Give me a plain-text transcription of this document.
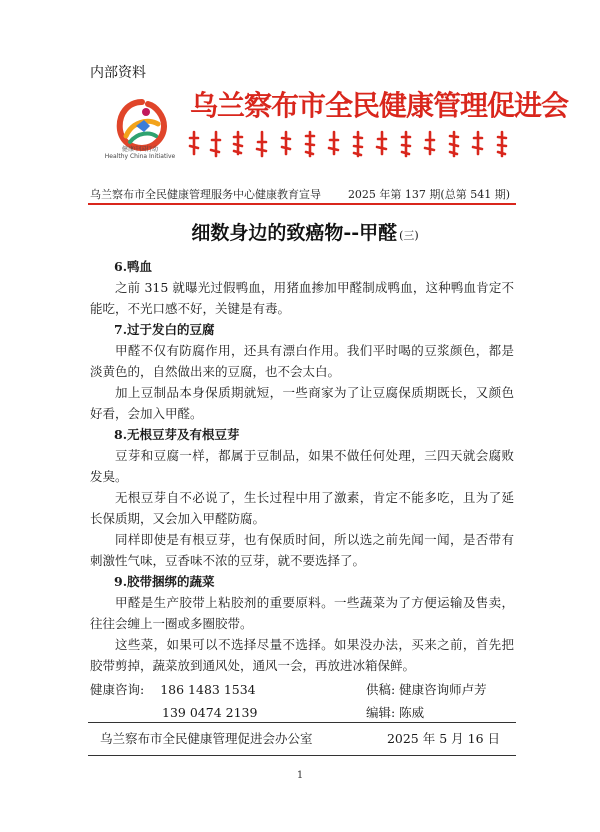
内部资料
健康中国行动
Healthy China Initiative
乌兰察布市全民健康管理促进会
乌兰察布市全民健康管理服务中心健康教育宣导 2025 年第 137 期(总第 541 期)
细数身边的致癌物--甲醛 (三)
6.鸭血

之前 315 就曝光过假鸭血，用猪血掺加甲醛制成鸭血，这种鸭血肯定不能吃，不光口感不好，关键是有毒。

7.过于发白的豆腐

甲醛不仅有防腐作用，还具有漂白作用。我们平时喝的豆浆颜色，都是淡黄色的，自然做出来的豆腐，也不会太白。

加上豆制品本身保质期就短，一些商家为了让豆腐保质期既长，又颜色好看，会加入甲醛。

8.无根豆芽及有根豆芽

豆芽和豆腐一样，都属于豆制品，如果不做任何处理，三四天就会腐败发臭。

无根豆芽自不必说了，生长过程中用了激素，肯定不能多吃，且为了延长保质期，又会加入甲醛防腐。

同样即使是有根豆芽，也有保质时间，所以选之前先闻一闻，是否带有刺激性气味，豆香味不浓的豆芽，就不要选择了。

9.胶带捆绑的蔬菜

甲醛是生产胶带上粘胶剂的重要原料。一些蔬菜为了方便运输及售卖，往往会缠上一圈或多圈胶带。

这些菜，如果可以不选择尽量不选择。如果没办法，买来之前，首先把胶带剪掉，蔬菜放到通风处，通风一会，再放进冰箱保鲜。

健康咨询: 186 1483 1534	供稿: 健康咨询师卢芳
139 0474 2139	编辑: 陈威
乌兰察布市全民健康管理促进会办公室	2025 年 5 月 16 日
1
